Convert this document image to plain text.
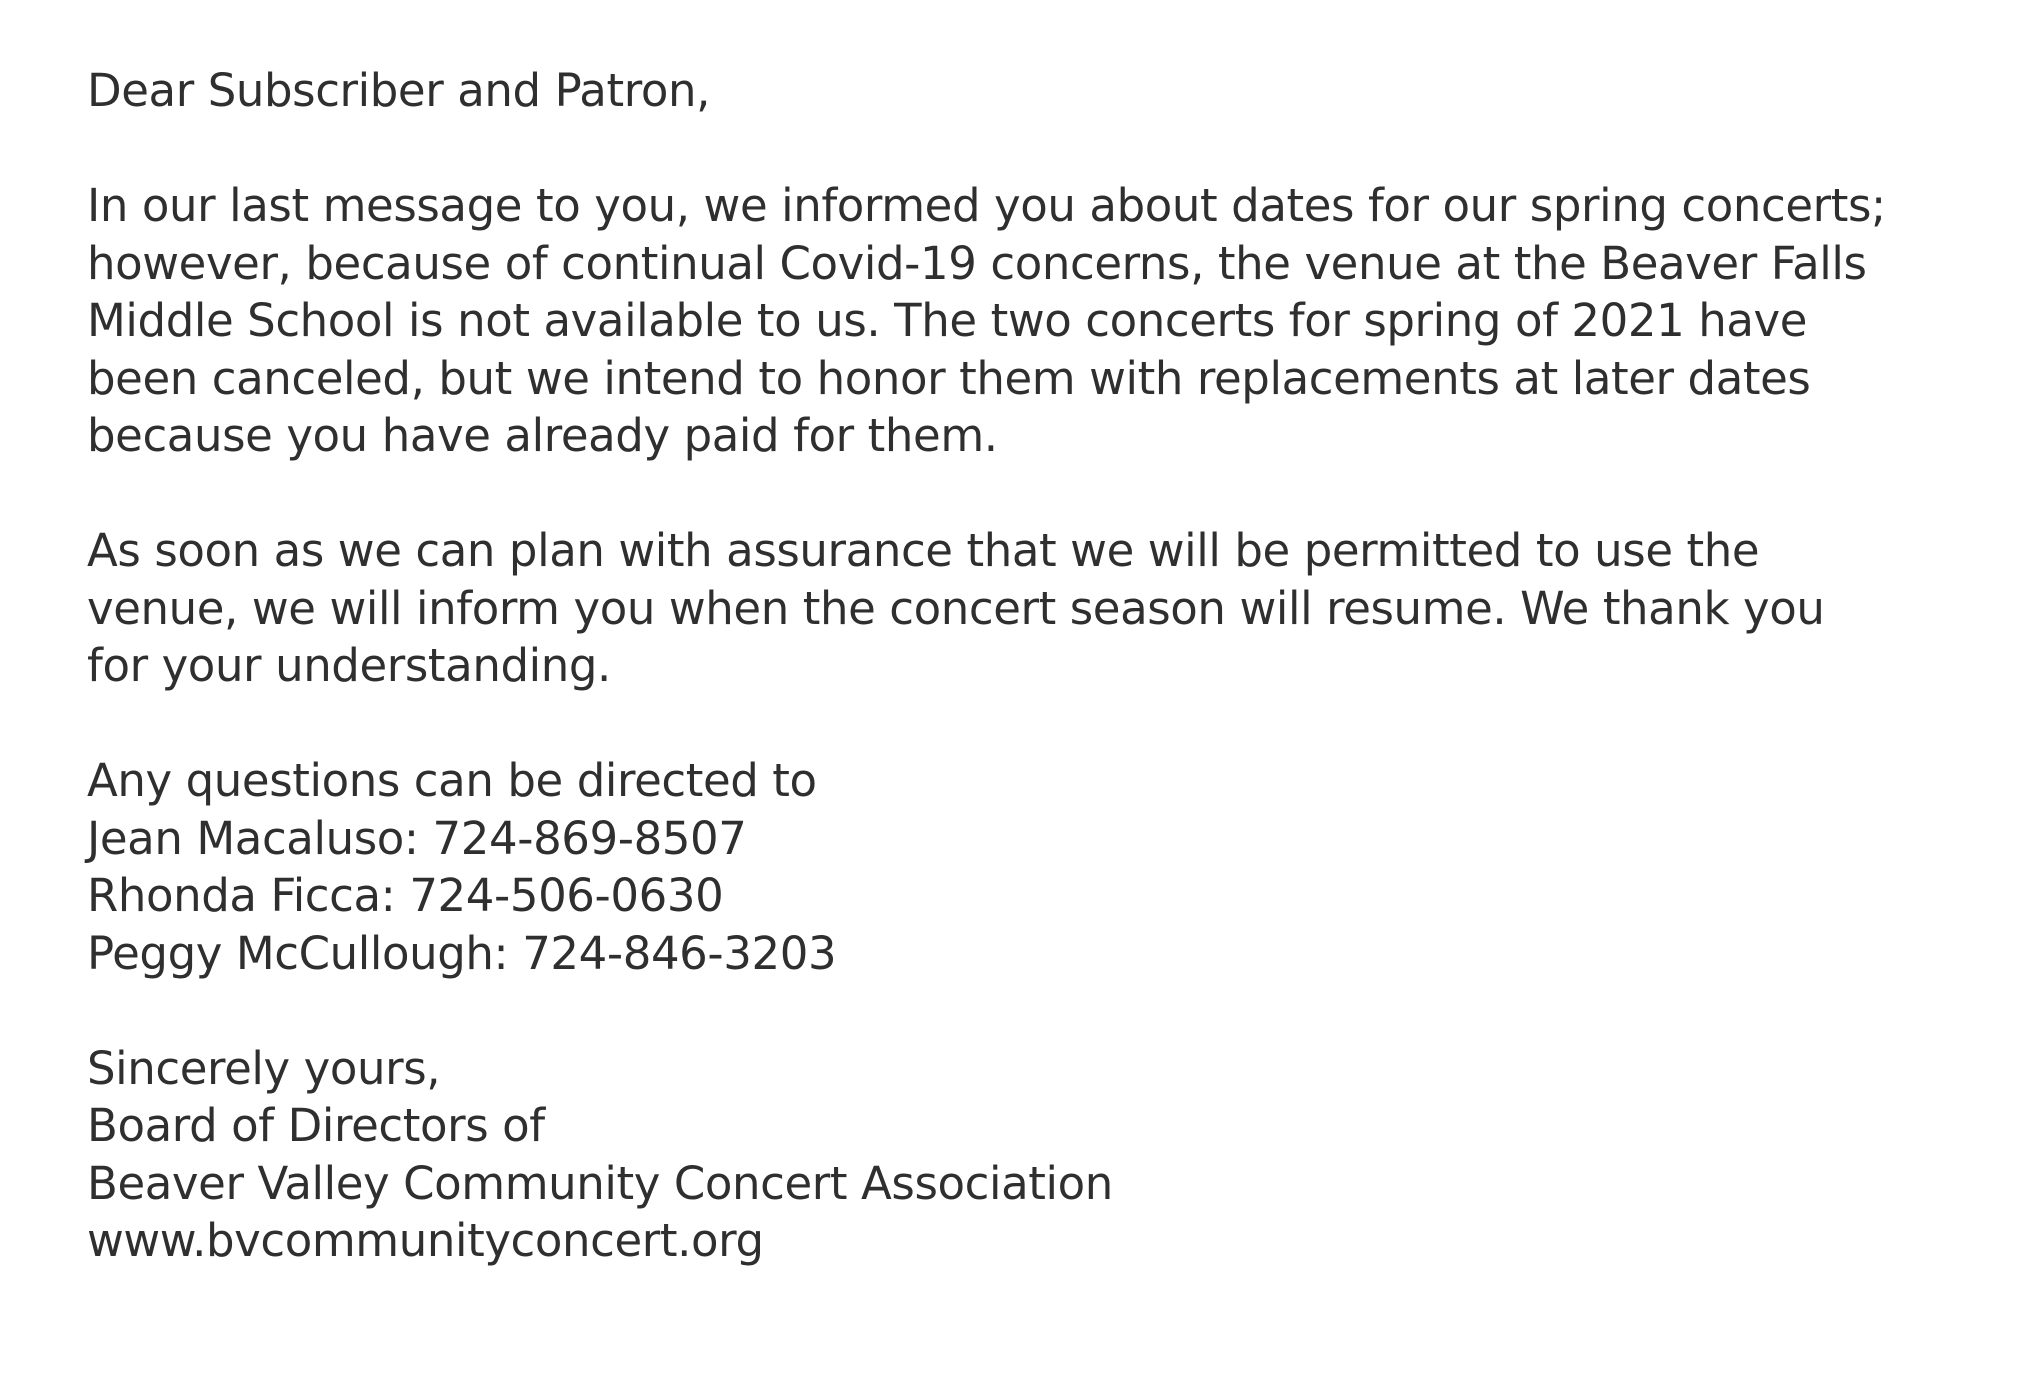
Dear Subscriber and Patron,
In our last message to you, we informed you about dates for our spring concerts;
however, because of continual Covid-19 concerns, the venue at the Beaver Falls
Middle School is not available to us. The two concerts for spring of 2021 have
been canceled, but we intend to honor them with replacements at later dates
because you have already paid for them.
As soon as we can plan with assurance that we will be permitted to use the
venue, we will inform you when the concert season will resume. We thank you
for your understanding.
Any questions can be directed to
Jean Macaluso: 724-869-8507
Rhonda Ficca: 724-506-0630
Peggy McCullough: 724-846-3203
Sincerely yours,
Board of Directors of
Beaver Valley Community Concert Association
www.bvcommunityconcert.org
